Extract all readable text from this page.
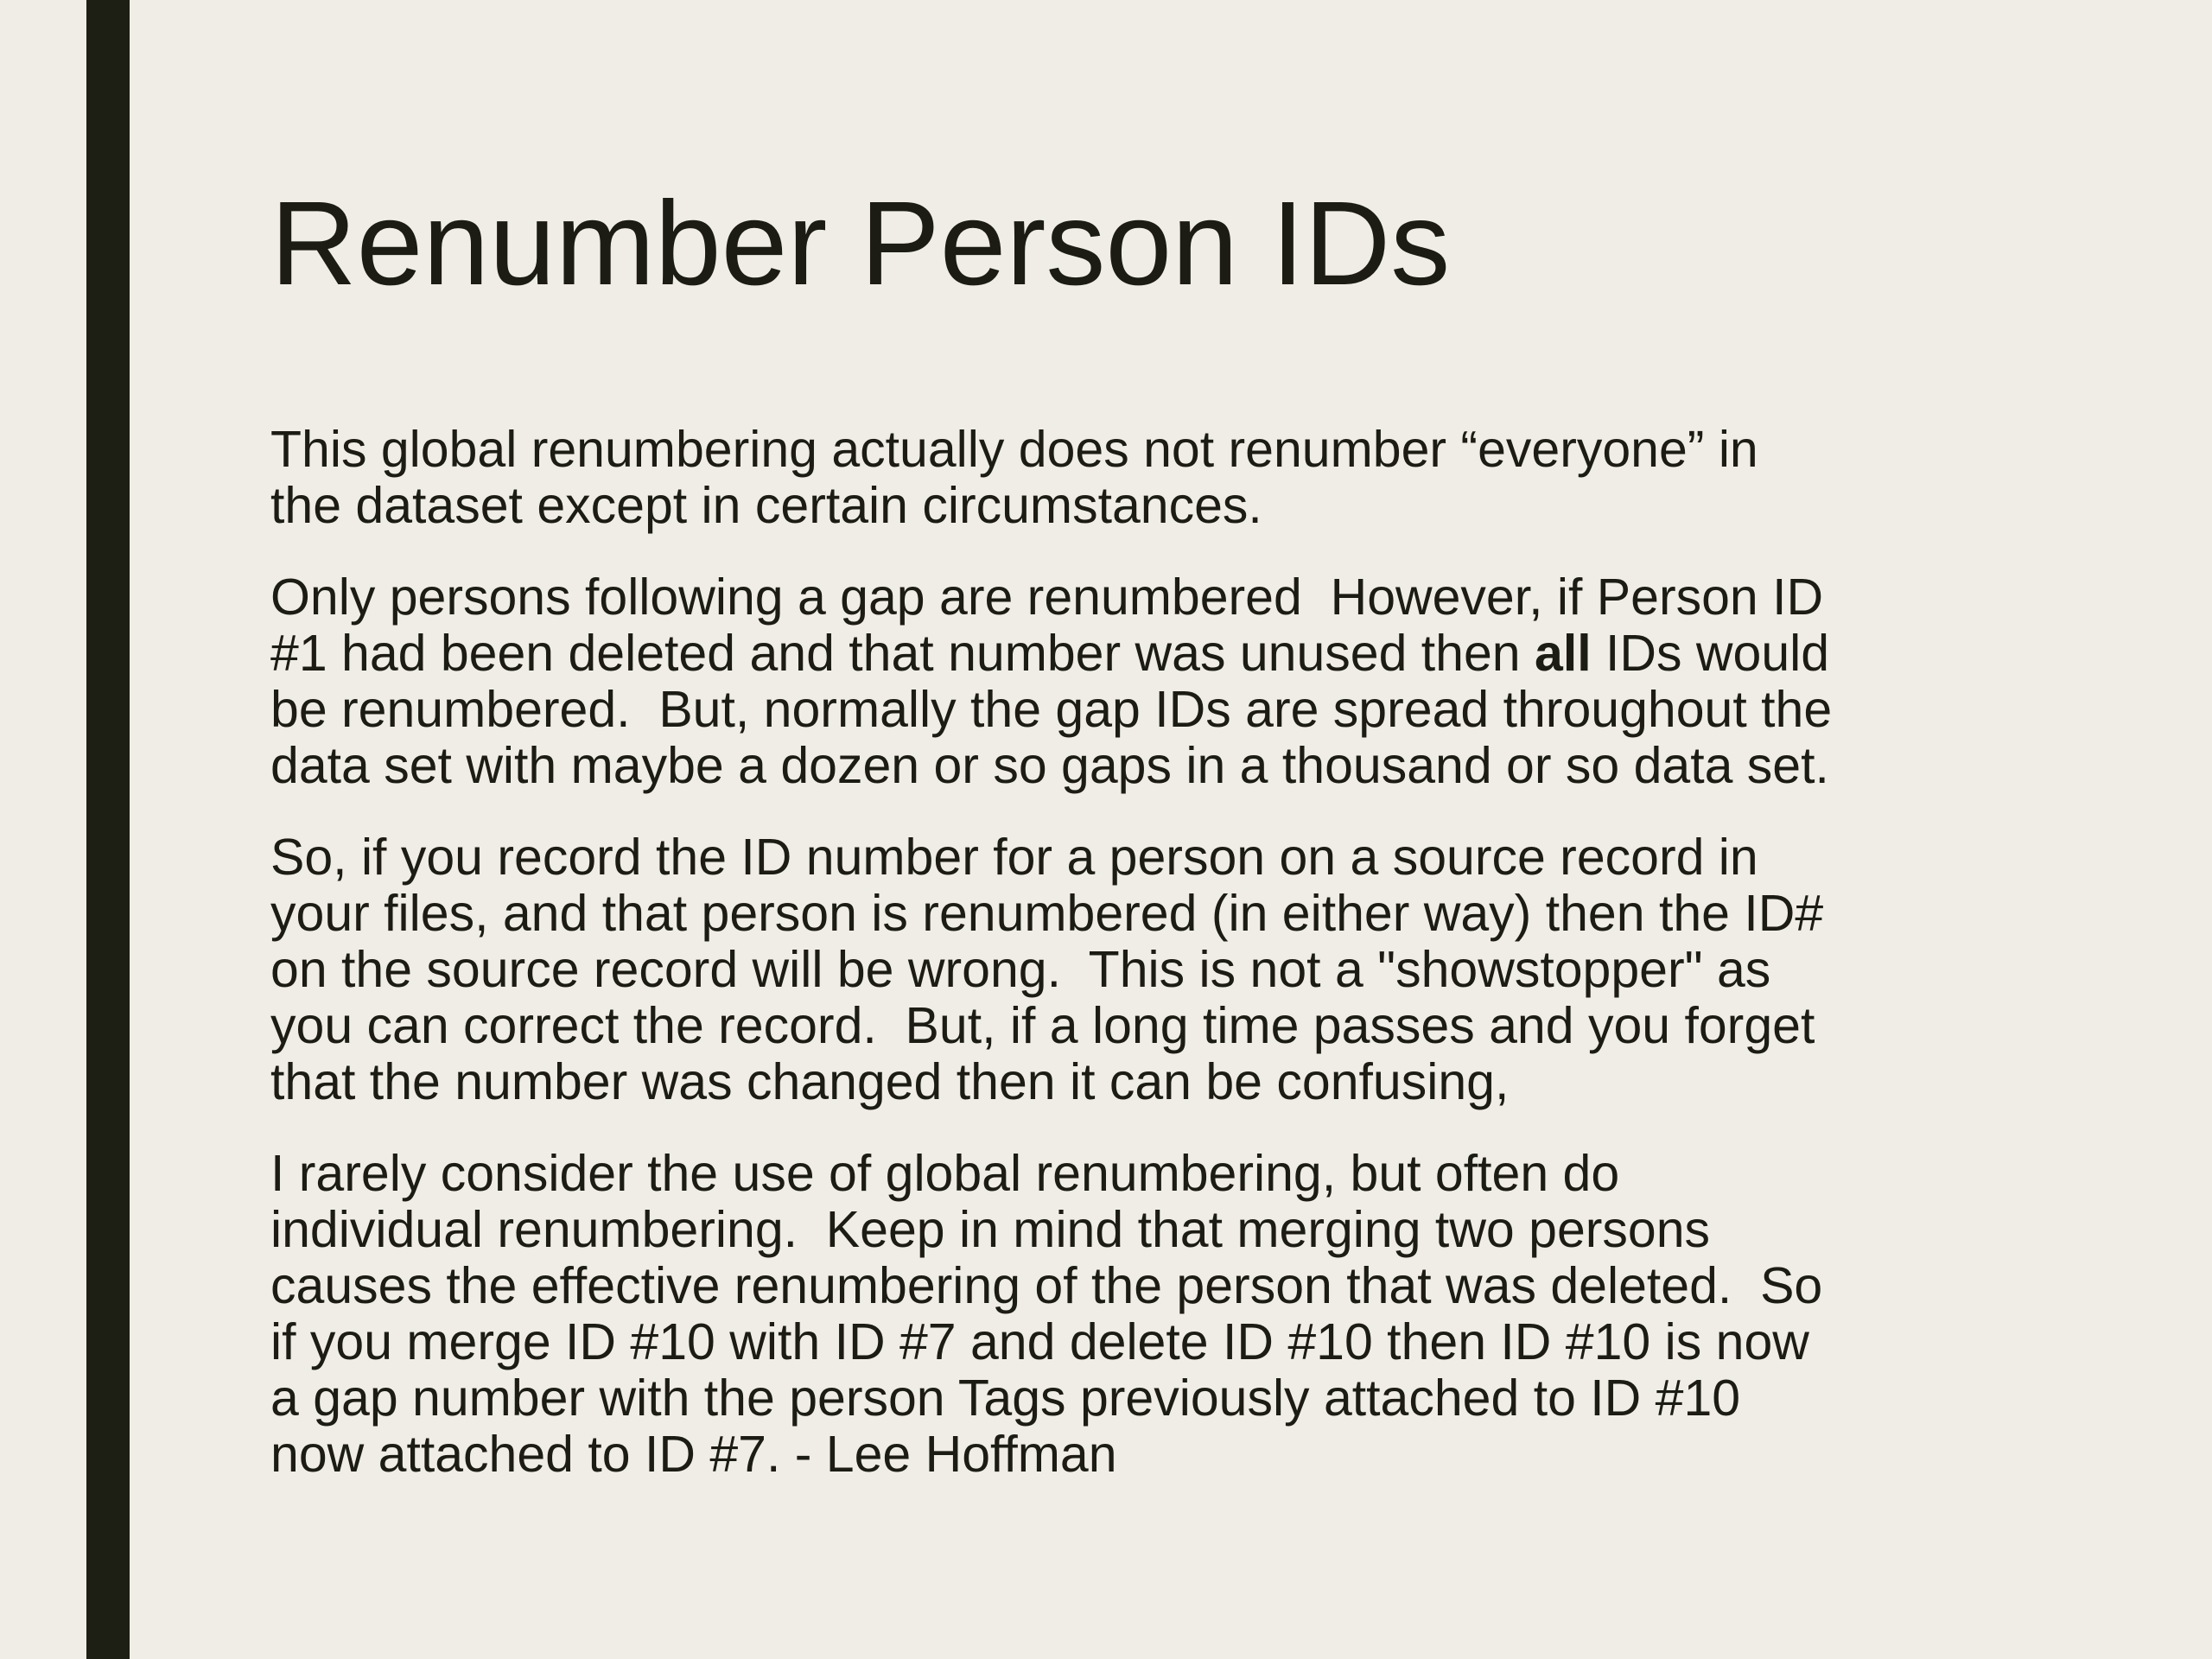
Renumber Person IDs

This global renumbering actually does not renumber “everyone” in
the dataset except in certain circumstances.

Only persons following a gap are renumbered  However, if Person ID
#1 had been deleted and that number was unused then all IDs would
be renumbered.  But, normally the gap IDs are spread throughout the
data set with maybe a dozen or so gaps in a thousand or so data set.

So, if you record the ID number for a person on a source record in
your files, and that person is renumbered (in either way) then the ID#
on the source record will be wrong.  This is not a "showstopper" as
you can correct the record.  But, if a long time passes and you forget
that the number was changed then it can be confusing,

I rarely consider the use of global renumbering, but often do
individual renumbering.  Keep in mind that merging two persons
causes the effective renumbering of the person that was deleted.  So
if you merge ID #10 with ID #7 and delete ID #10 then ID #10 is now
a gap number with the person Tags previously attached to ID #10
now attached to ID #7. - Lee Hoffman
